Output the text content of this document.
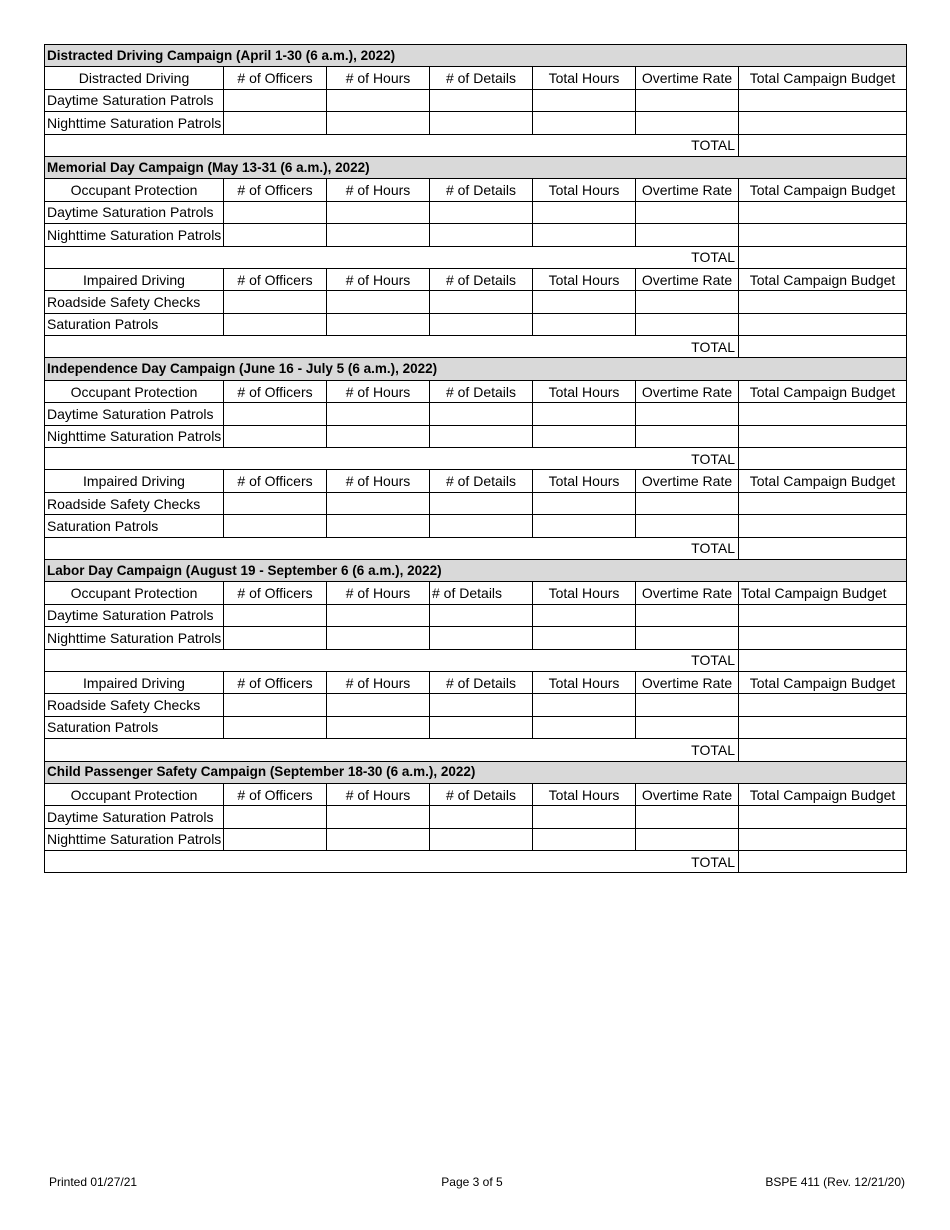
Distracted Driving Campaign (April 1-30 (6 a.m.), 2022)						
Distracted Driving	# of Officers	# of Hours	# of Details	Total Hours	Overtime Rate	Total Campaign Budget
Daytime Saturation Patrols						
Nighttime Saturation Patrols						
TOTAL						
Memorial Day Campaign (May 13-31 (6 a.m.), 2022)						
Occupant Protection	# of Officers	# of Hours	# of Details	Total Hours	Overtime Rate	Total Campaign Budget
Daytime Saturation Patrols						
Nighttime Saturation Patrols						
TOTAL						
Impaired Driving	# of Officers	# of Hours	# of Details	Total Hours	Overtime Rate	Total Campaign Budget
Roadside Safety Checks						
Saturation Patrols						
TOTAL						
Independence Day Campaign (June 16 - July 5 (6 a.m.), 2022)						
Occupant Protection	# of Officers	# of Hours	# of Details	Total Hours	Overtime Rate	Total Campaign Budget
Daytime Saturation Patrols						
Nighttime Saturation Patrols						
TOTAL						
Impaired Driving	# of Officers	# of Hours	# of Details	Total Hours	Overtime Rate	Total Campaign Budget
Roadside Safety Checks						
Saturation Patrols						
TOTAL						
Labor Day Campaign (August 19 - September 6 (6 a.m.), 2022)						
Occupant Protection	# of Officers	# of Hours	# of Details	Total Hours	Overtime Rate	Total Campaign Budget
Daytime Saturation Patrols						
Nighttime Saturation Patrols						
TOTAL						
Impaired Driving	# of Officers	# of Hours	# of Details	Total Hours	Overtime Rate	Total Campaign Budget
Roadside Safety Checks						
Saturation Patrols						
TOTAL						
Child Passenger Safety Campaign (September 18-30 (6 a.m.), 2022)						
Occupant Protection	# of Officers	# of Hours	# of Details	Total Hours	Overtime Rate	Total Campaign Budget
Daytime Saturation Patrols						
Nighttime Saturation Patrols						
TOTAL						
Printed 01/27/21	Page 3 of 5	BSPE 411 (Rev. 12/21/20)
